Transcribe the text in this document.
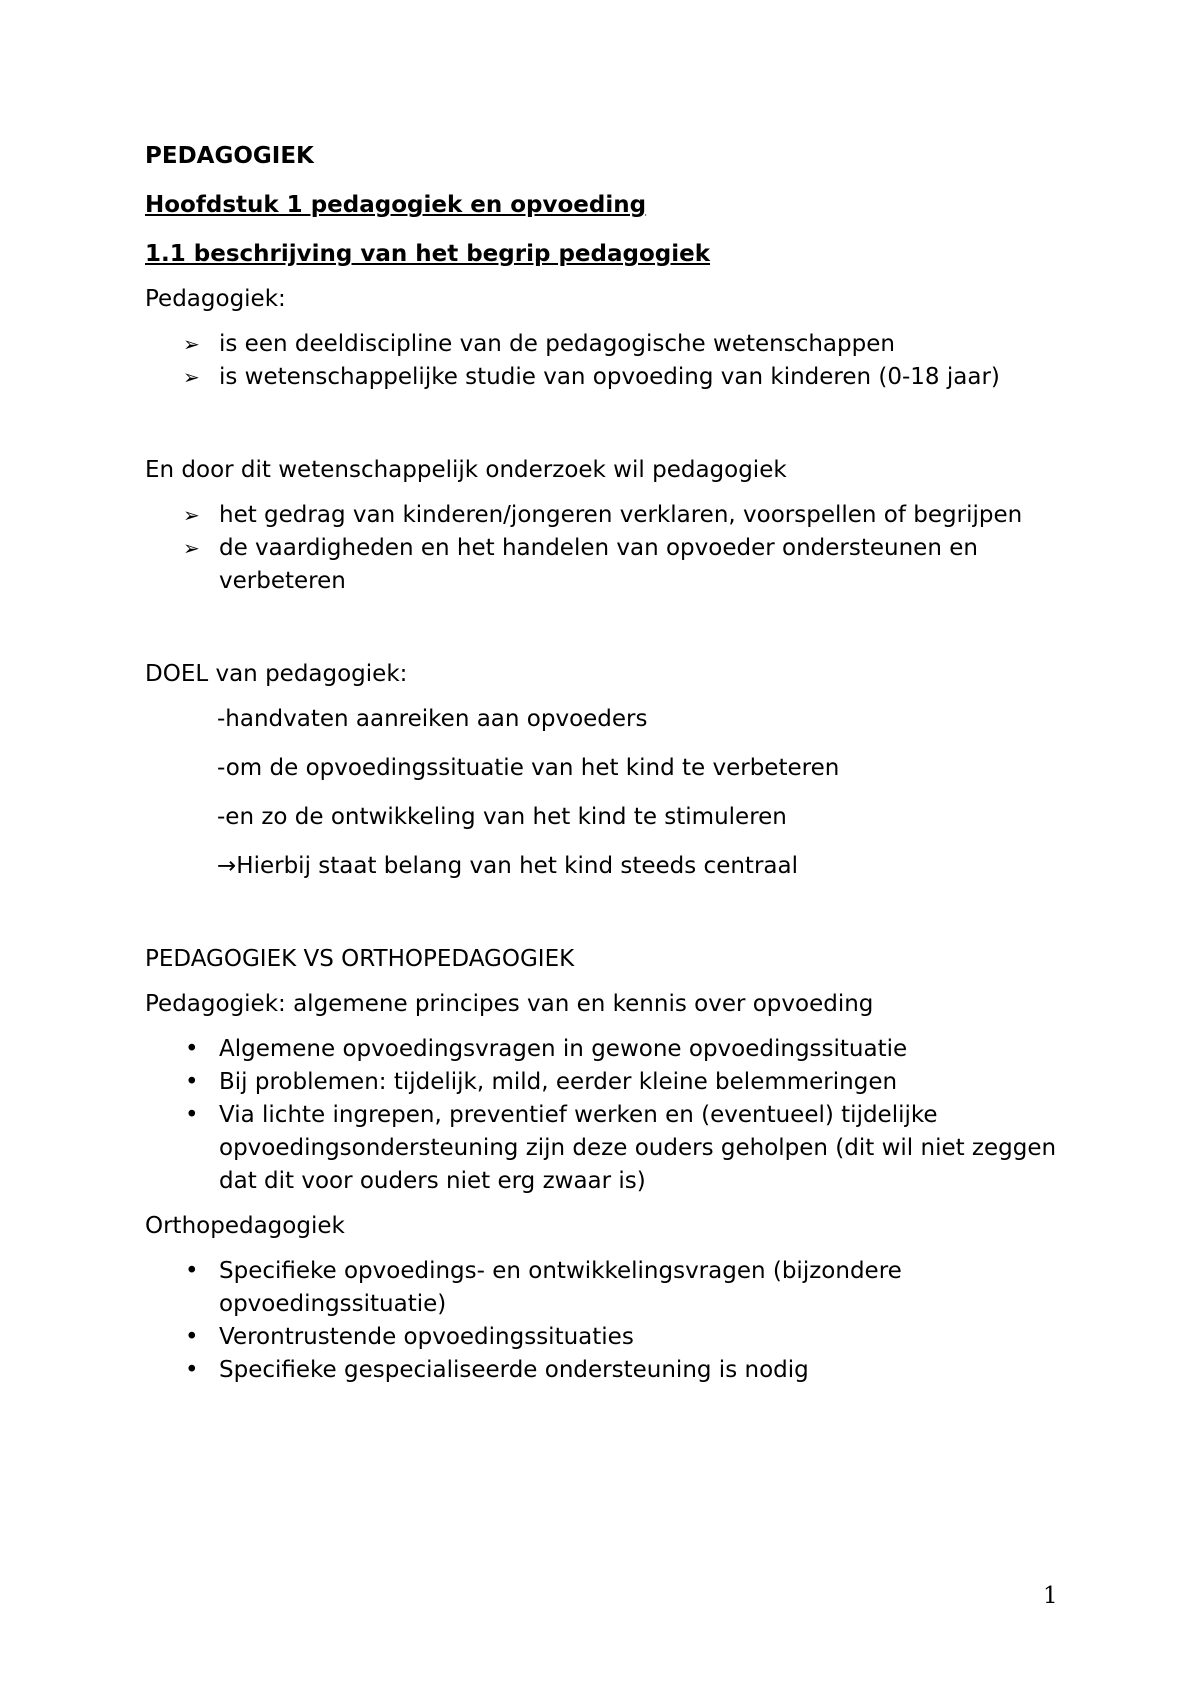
PEDAGOGIEK

Hoofdstuk 1 pedagogiek en opvoeding

1.1 beschrijving van het begrip pedagogiek

Pedagogiek:

➢ is een deeldiscipline van de pedagogische wetenschappen
➢ is wetenschappelijke studie van opvoeding van kinderen (0-18 jaar)

En door dit wetenschappelijk onderzoek wil pedagogiek

➢ het gedrag van kinderen/jongeren verklaren, voorspellen of begrijpen
➢ de vaardigheden en het handelen van opvoeder ondersteunen en verbeteren

DOEL van pedagogiek:

-handvaten aanreiken aan opvoeders

-om de opvoedingssituatie van het kind te verbeteren

-en zo de ontwikkeling van het kind te stimuleren

→Hierbij staat belang van het kind steeds centraal

PEDAGOGIEK VS ORTHOPEDAGOGIEK

Pedagogiek: algemene principes van en kennis over opvoeding

• Algemene opvoedingsvragen in gewone opvoedingssituatie
• Bij problemen: tijdelijk, mild, eerder kleine belemmeringen
• Via lichte ingrepen, preventief werken en (eventueel) tijdelijke opvoedingsondersteuning zijn deze ouders geholpen (dit wil niet zeggen dat dit voor ouders niet erg zwaar is)

Orthopedagogiek

• Specifieke opvoedings- en ontwikkelingsvragen (bijzondere opvoedingssituatie)
• Verontrustende opvoedingssituaties
• Specifieke gespecialiseerde ondersteuning is nodig
1
